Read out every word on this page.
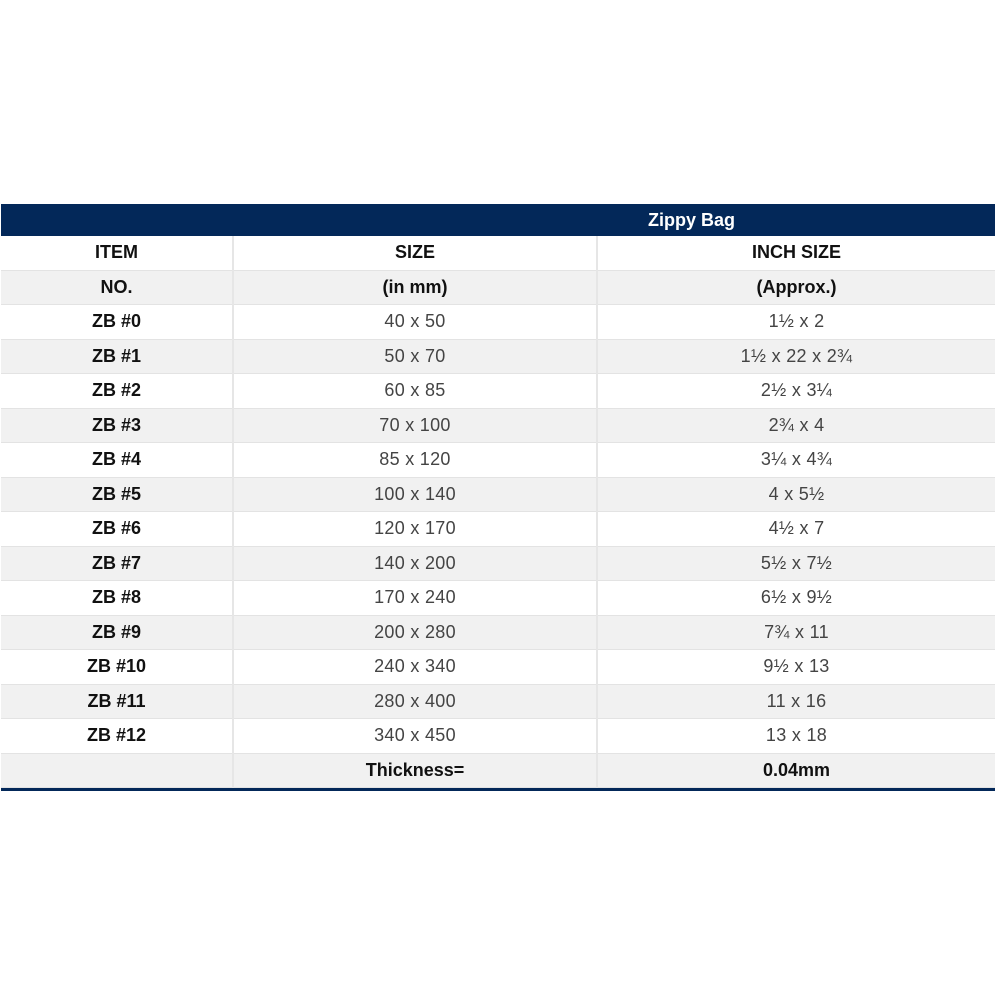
Zippy Bag		
ITEM	SIZE	INCH SIZE
NO.	(in mm)	(Approx.)
ZB #0	40 x 50	1½ x 2
ZB #1	50 x 70	1½ x 22 x 2¾
ZB #2	60 x 85	2½ x 3¼
ZB #3	70 x 100	2¾ x 4
ZB #4	85 x 120	3¼ x 4¾
ZB #5	100 x 140	4 x 5½
ZB #6	120 x 170	4½ x 7
ZB #7	140 x 200	5½ x 7½
ZB #8	170 x 240	6½ x 9½
ZB #9	200 x 280	7¾ x 11
ZB #10	240 x 340	9½ x 13
ZB #11	280 x 400	11 x 16
ZB #12	340 x 450	13 x 18
	Thickness=	0.04mm
